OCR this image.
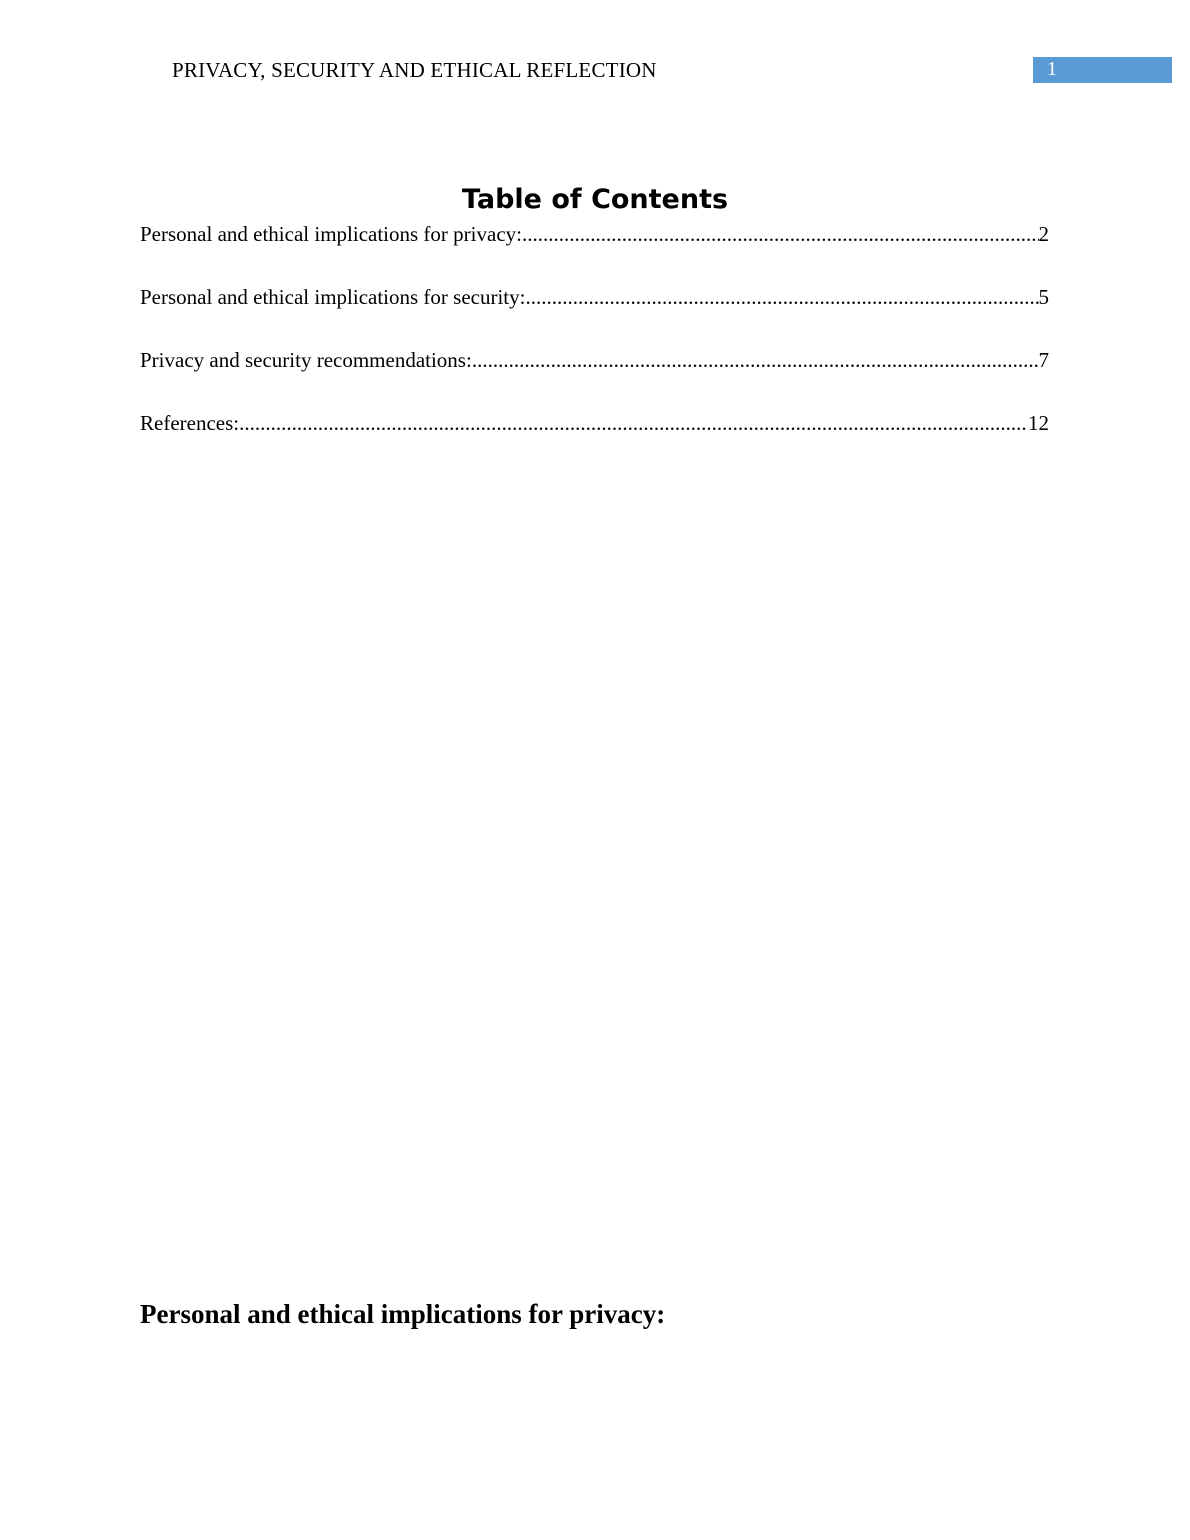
PRIVACY, SECURITY AND ETHICAL REFLECTION	1
Table of Contents
Personal and ethical implications for privacy: .....	2
Personal and ethical implications for security: .....	5
Privacy and security recommendations: .....	7
References: .....	12
Personal and ethical implications for privacy:
